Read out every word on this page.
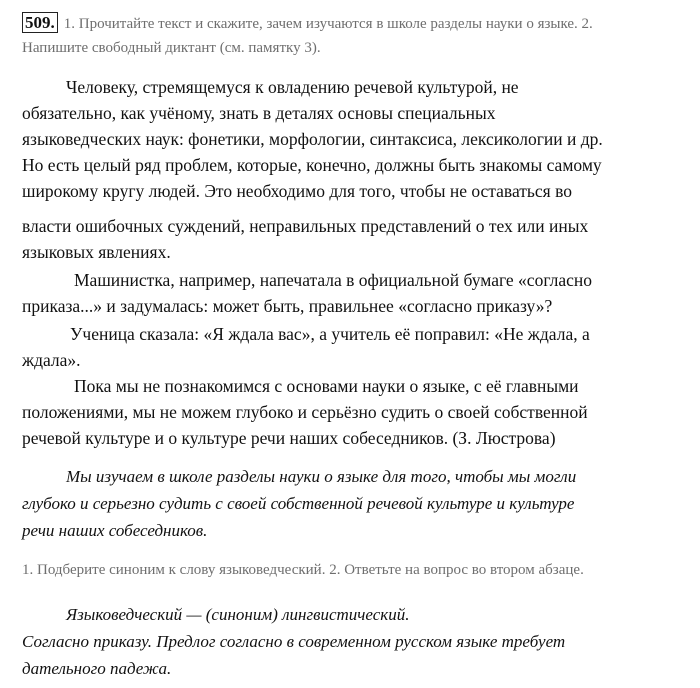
509. 1. Прочитайте текст и скажите, зачем изучаются в школе разделы науки о языке. 2.
Напишите свободный диктант (см. памятку 3).
Человеку, стремящемуся к овладению речевой культурой, не
обязательно, как учёному, знать в деталях основы специальных
языковедческих наук: фонетики, морфологии, синтаксиса, лексикологии и др.
Но есть целый ряд проблем, которые, конечно, должны быть знакомы самому
широкому кругу людей. Это необходимо для того, чтобы не оставаться во
власти ошибочных суждений, неправильных представлений о тех или иных
языковых явлениях.
Машинистка, например, напечатала в официальной бумаге «согласно
приказа...» и задумалась: может быть, правильнее «согласно приказу»?
Ученица сказала: «Я ждала вас», а учитель её поправил: «Не ждала, а
ждала».
Пока мы не познакомимся с основами науки о языке, с её главными
положениями, мы не можем глубоко и серьёзно судить о своей собственной
речевой культуре и о культуре речи наших собеседников. (З. Люстрова)
Мы изучаем в школе разделы науки о языке для того, чтобы мы могли
глубоко и серьезно судить с своей собственной речевой культуре и культуре
речи наших собеседников.
1. Подберите синоним к слову языковедческий. 2. Ответьте на вопрос во втором абзаце.
Языковедческий — (синоним) лингвистический.
Согласно приказу. Предлог согласно в современном русском языке требует
дательного падежа.
